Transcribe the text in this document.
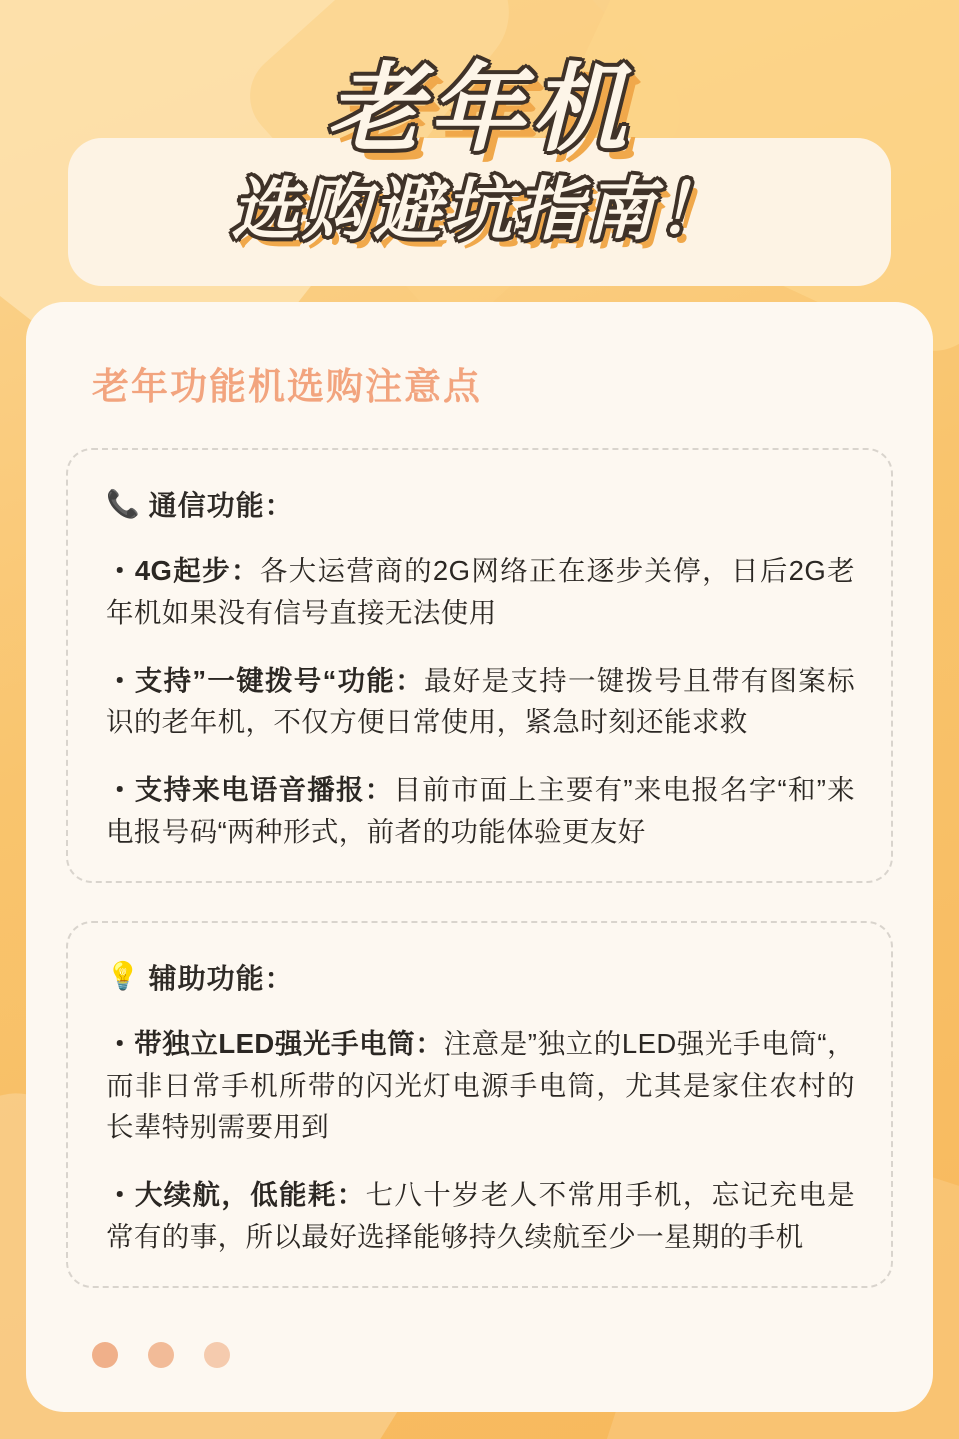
老年机
选购避坑指南！
老年功能机选购注意点
📞 通信功能：
・4G起步：各大运营商的2G网络正在逐步关停，日后2G老年机如果没有信号直接无法使用
・支持”一键拨号“功能：最好是支持一键拨号且带有图案标识的老年机，不仅方便日常使用，紧急时刻还能求救
・支持来电语音播报：目前市面上主要有”来电报名字“和”来电报号码“两种形式，前者的功能体验更友好
💡 辅助功能：
・带独立LED强光手电筒：注意是”独立的LED强光手电筒“，而非日常手机所带的闪光灯电源手电筒，尤其是家住农村的长辈特别需要用到
・大续航，低能耗：七八十岁老人不常用手机，忘记充电是常有的事，所以最好选择能够持久续航至少一星期的手机
